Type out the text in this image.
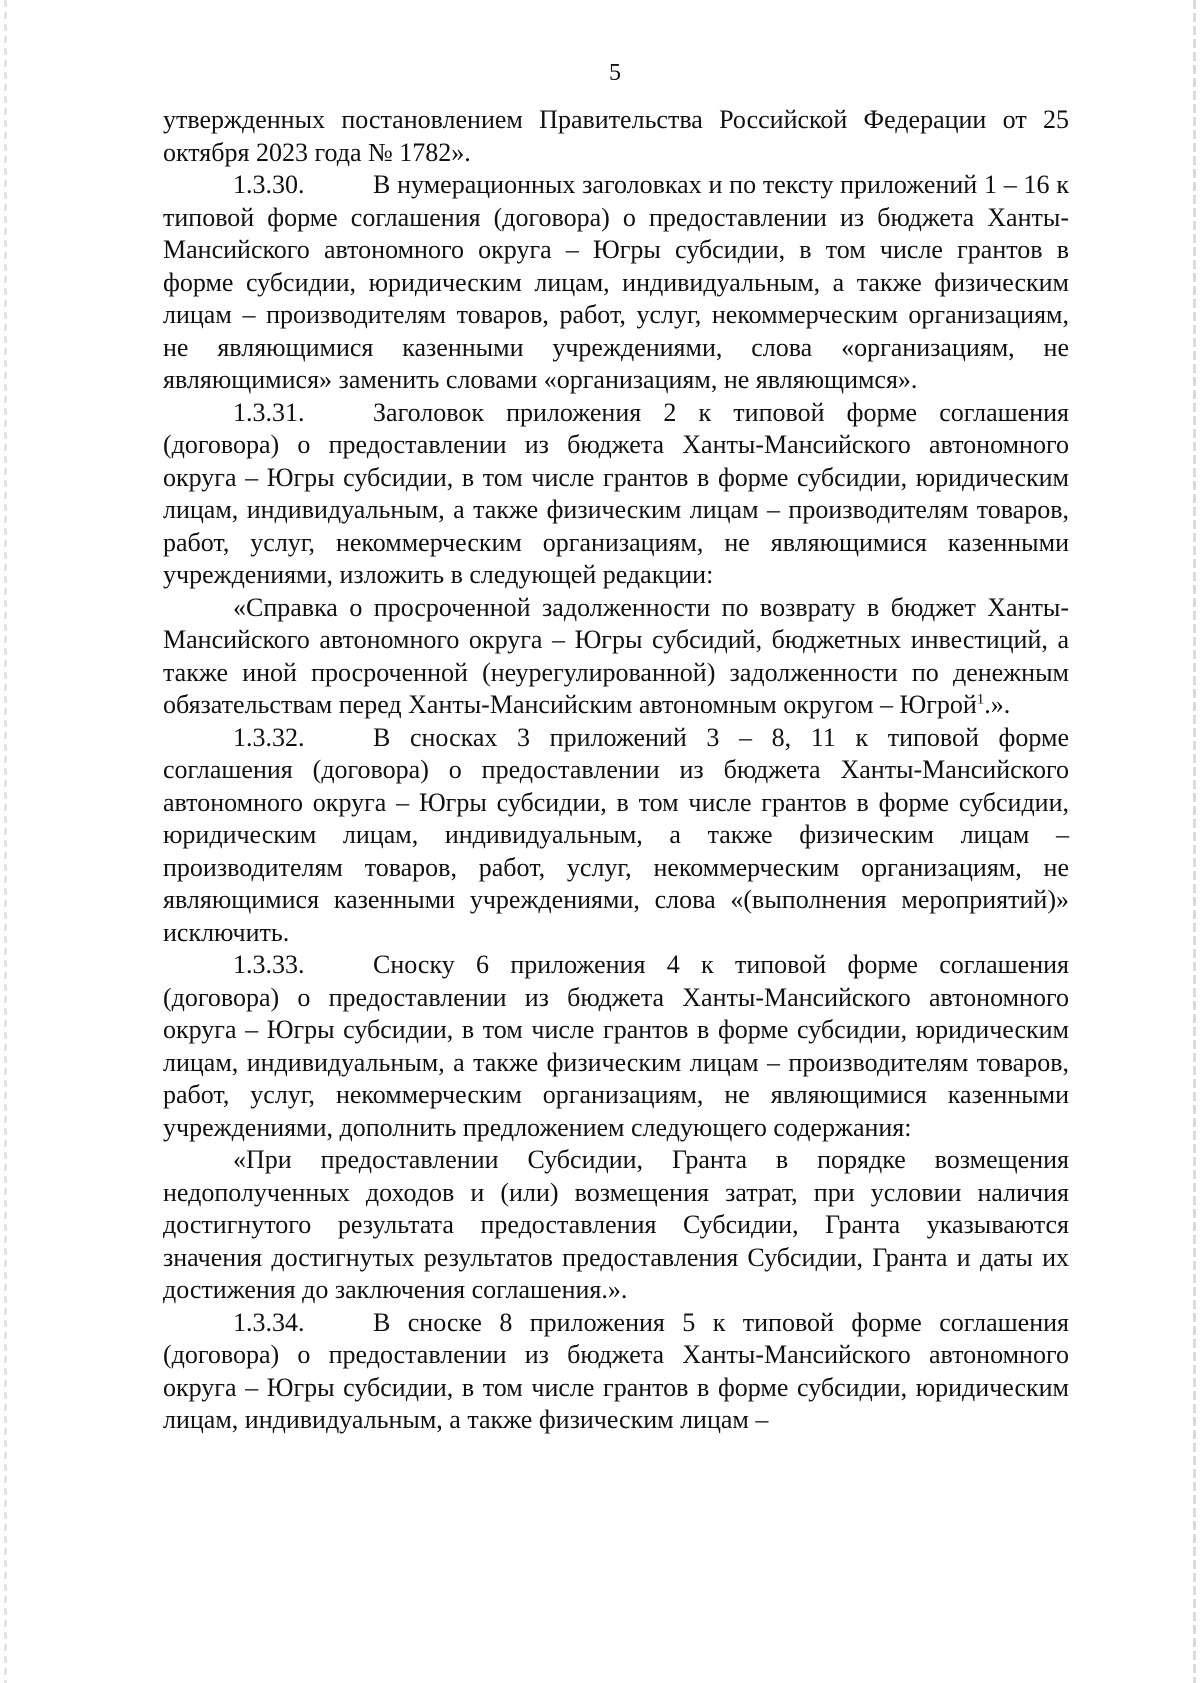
5

утвержденных постановлением Правительства Российской Федерации от 25 октября 2023 года № 1782».

1.3.30.	В нумерационных заголовках и по тексту приложений 1 – 16 к типовой форме соглашения (договора) о предоставлении из бюджета Ханты-Мансийского автономного округа – Югры субсидии, в том числе грантов в форме субсидии, юридическим лицам, индивидуальным, а также физическим лицам – производителям товаров, работ, услуг, некоммерческим организациям, не являющимися казенными учреждениями, слова «организациям, не являющимися» заменить словами «организациям, не являющимся».

1.3.31.	Заголовок приложения 2 к типовой форме соглашения (договора) о предоставлении из бюджета Ханты-Мансийского автономного округа – Югры субсидии, в том числе грантов в форме субсидии, юридическим лицам, индивидуальным, а также физическим лицам – производителям товаров, работ, услуг, некоммерческим организациям, не являющимися казенными учреждениями, изложить в следующей редакции:

«Справка о просроченной задолженности по возврату в бюджет Ханты-Мансийского автономного округа – Югры субсидий, бюджетных инвестиций, а также иной просроченной (неурегулированной) задолженности по денежным обязательствам перед Ханты-Мансийским автономным округом – Югрой$^1$.».

1.3.32.	В сносках 3 приложений 3 – 8, 11 к типовой форме соглашения (договора) о предоставлении из бюджета Ханты-Мансийского автономного округа – Югры субсидии, в том числе грантов в форме субсидии, юридическим лицам, индивидуальным, а также физическим лицам – производителям товаров, работ, услуг, некоммерческим организациям, не являющимися казенными учреждениями, слова «(выполнения мероприятий)» исключить.

1.3.33.	Сноску 6 приложения 4 к типовой форме соглашения (договора) о предоставлении из бюджета Ханты-Мансийского автономного округа – Югры субсидии, в том числе грантов в форме субсидии, юридическим лицам, индивидуальным, а также физическим лицам – производителям товаров, работ, услуг, некоммерческим организациям, не являющимися казенными учреждениями, дополнить предложением следующего содержания:

«При предоставлении Субсидии, Гранта в порядке возмещения недополученных доходов и (или) возмещения затрат, при условии наличия достигнутого результата предоставления Субсидии, Гранта указываются значения достигнутых результатов предоставления Субсидии, Гранта и даты их достижения до заключения соглашения.».

1.3.34.	В сноске 8 приложения 5 к типовой форме соглашения (договора) о предоставлении из бюджета Ханты-Мансийского автономного округа – Югры субсидии, в том числе грантов в форме субсидии, юридическим лицам, индивидуальным, а также физическим лицам –
